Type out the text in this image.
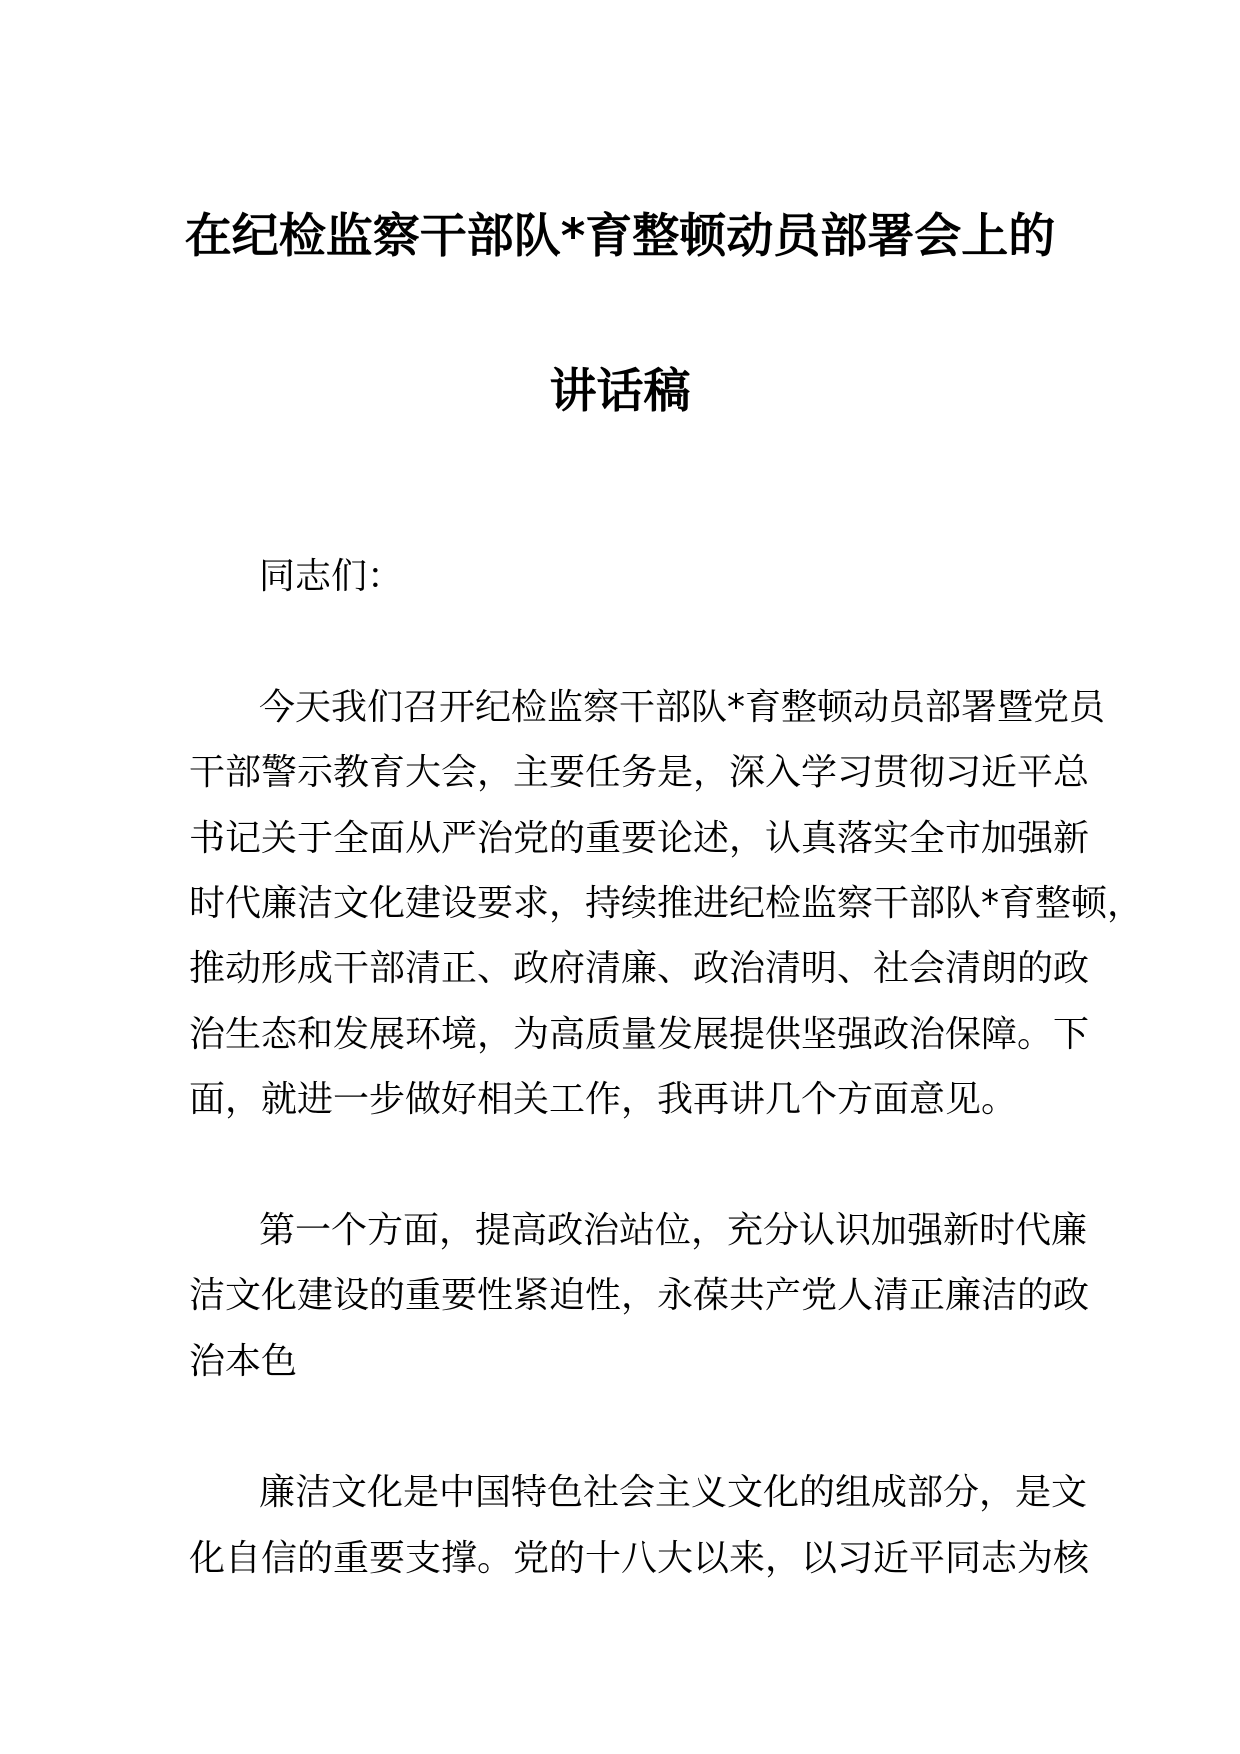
在纪检监察干部队*育整顿动员部署会上的
讲话稿
同志们：
今天我们召开纪检监察干部队*育整顿动员部署暨党员
干部警示教育大会，主要任务是，深入学习贯彻习近平总
书记关于全面从严治党的重要论述，认真落实全市加强新
时代廉洁文化建设要求，持续推进纪检监察干部队*育整顿，
推动形成干部清正、政府清廉、政治清明、社会清朗的政
治生态和发展环境，为高质量发展提供坚强政治保障。下
面，就进一步做好相关工作，我再讲几个方面意见。
第一个方面，提高政治站位，充分认识加强新时代廉
洁文化建设的重要性紧迫性，永葆共产党人清正廉洁的政
治本色
廉洁文化是中国特色社会主义文化的组成部分，是文
化自信的重要支撑。党的十八大以来，以习近平同志为核
